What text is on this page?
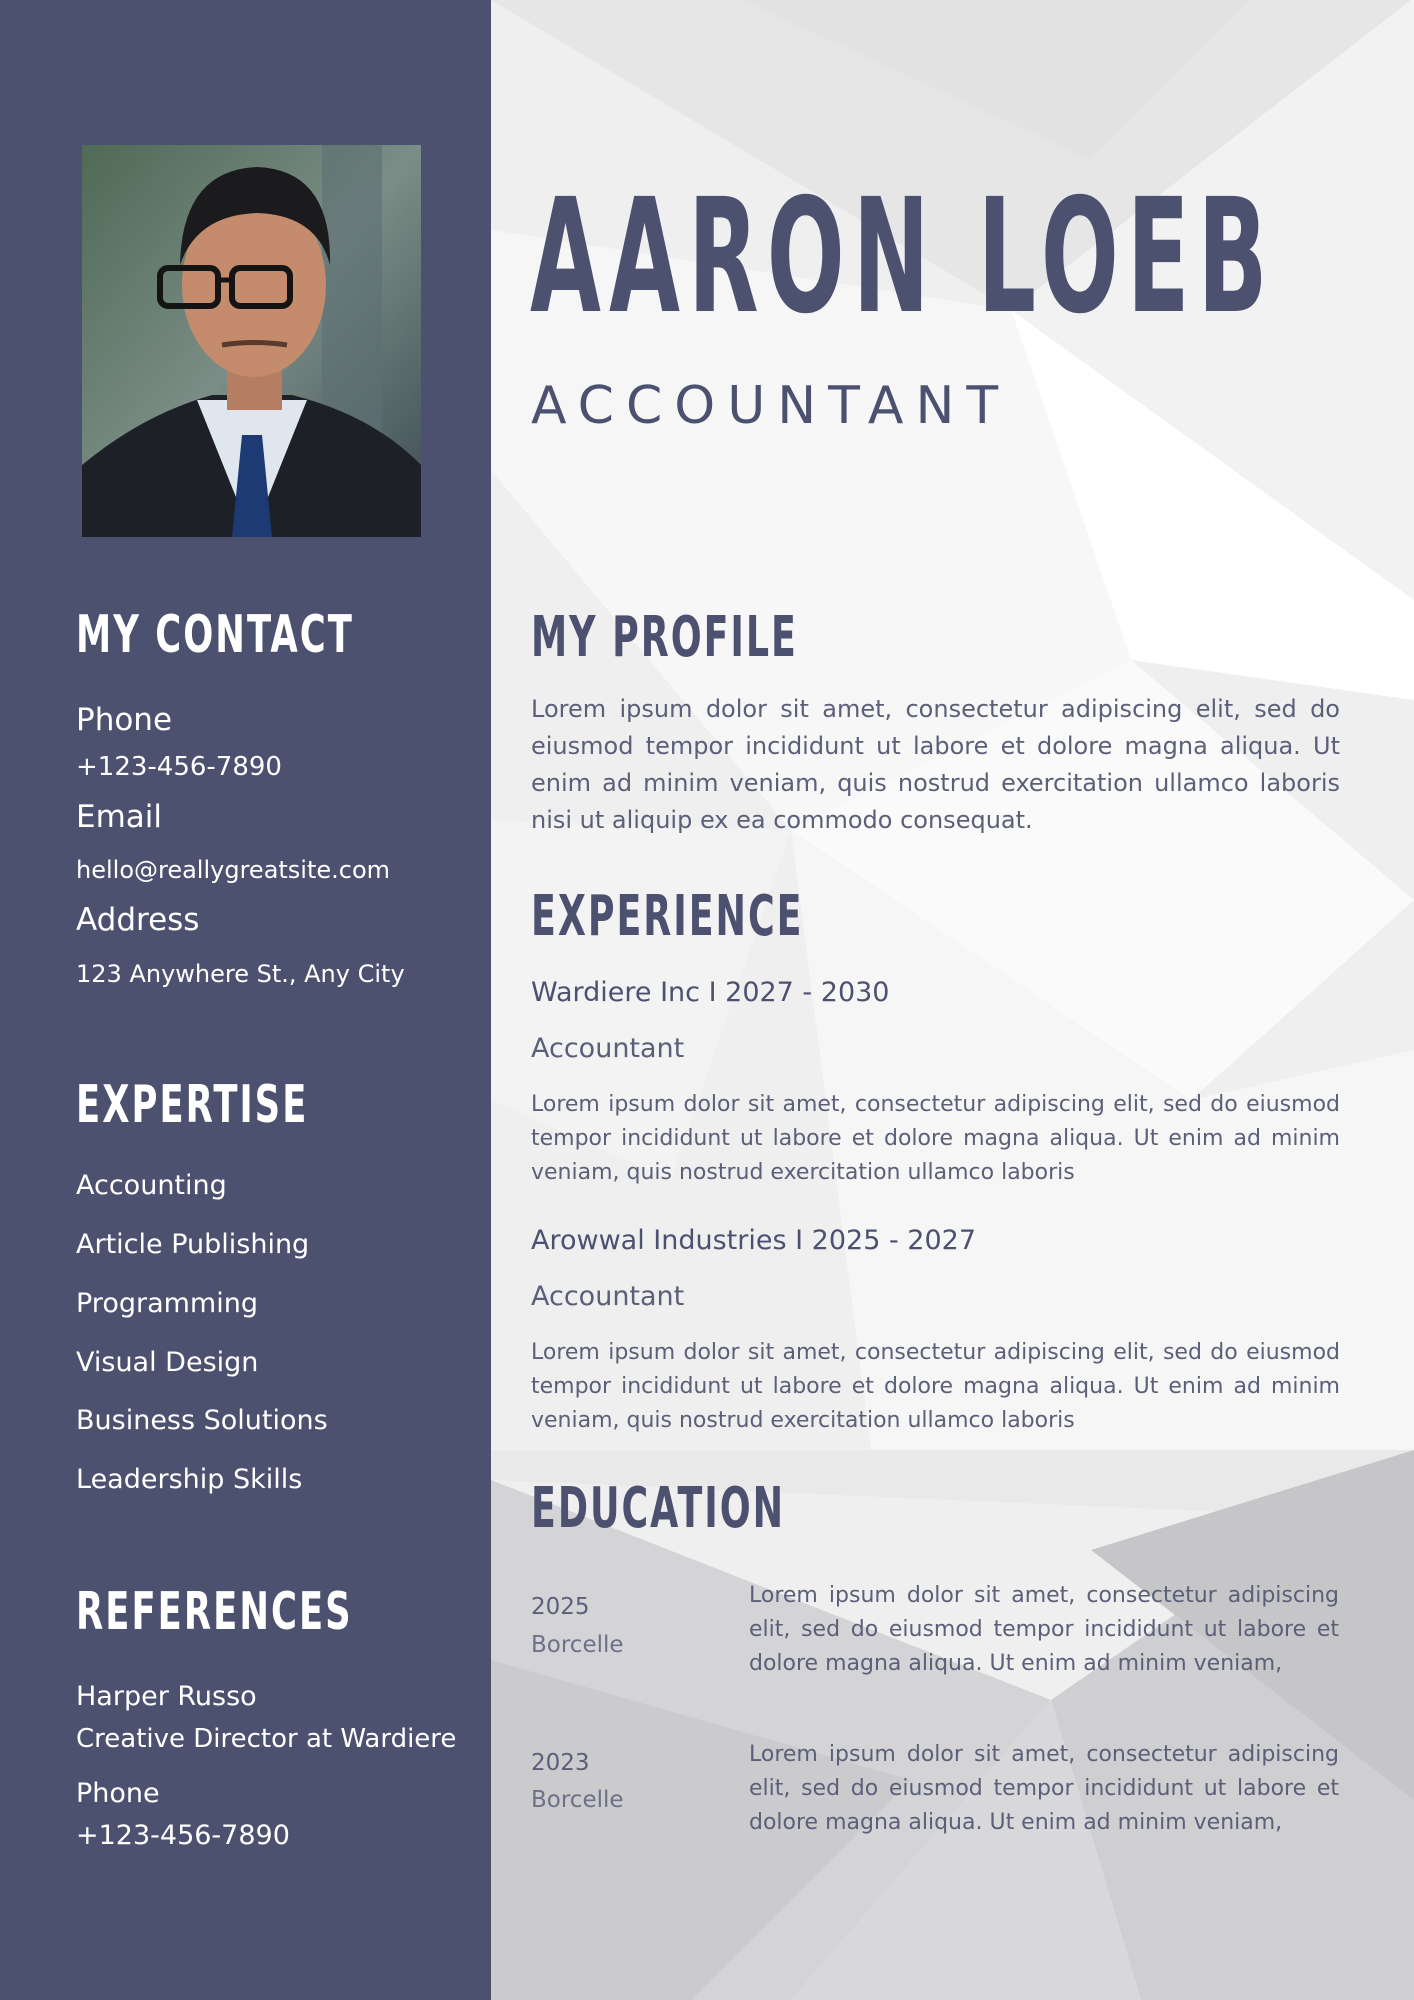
MY CONTACT
Phone
+123-456-7890
Email
hello@reallygreatsite.com
Address
123 Anywhere St., Any City
EXPERTISE
Accounting
Article Publishing
Programming
Visual Design
Business Solutions
Leadership Skills
REFERENCES
Harper Russo
Creative Director at Wardiere
Phone
+123-456-7890
AARON LOEB
ACCOUNTANT
MY PROFILE

Lorem ipsum dolor sit amet, consectetur adipiscing elit, sed do eiusmod tempor incididunt ut labore et dolore magna aliqua. Ut enim ad minim veniam, quis nostrud exercitation ullamco laboris nisi ut aliquip ex ea commodo consequat.

EXPERIENCE
Wardiere Inc I 2027 - 2030
Accountant

Lorem ipsum dolor sit amet, consectetur adipiscing elit, sed do eiusmod tempor incididunt ut labore et dolore magna aliqua. Ut enim ad minim veniam, quis nostrud exercitation ullamco laboris

Arowwal Industries I 2025 - 2027
Accountant

Lorem ipsum dolor sit amet, consectetur adipiscing elit, sed do eiusmod tempor incididunt ut labore et dolore magna aliqua. Ut enim ad minim veniam, quis nostrud exercitation ullamco laboris

EDUCATION
2025
Borcelle

Lorem ipsum dolor sit amet, consectetur adipiscing elit, sed do eiusmod tempor incididunt ut labore et dolore magna aliqua. Ut enim ad minim veniam,

2023
Borcelle

Lorem ipsum dolor sit amet, consectetur adipiscing elit, sed do eiusmod tempor incididunt ut labore et dolore magna aliqua. Ut enim ad minim veniam,
